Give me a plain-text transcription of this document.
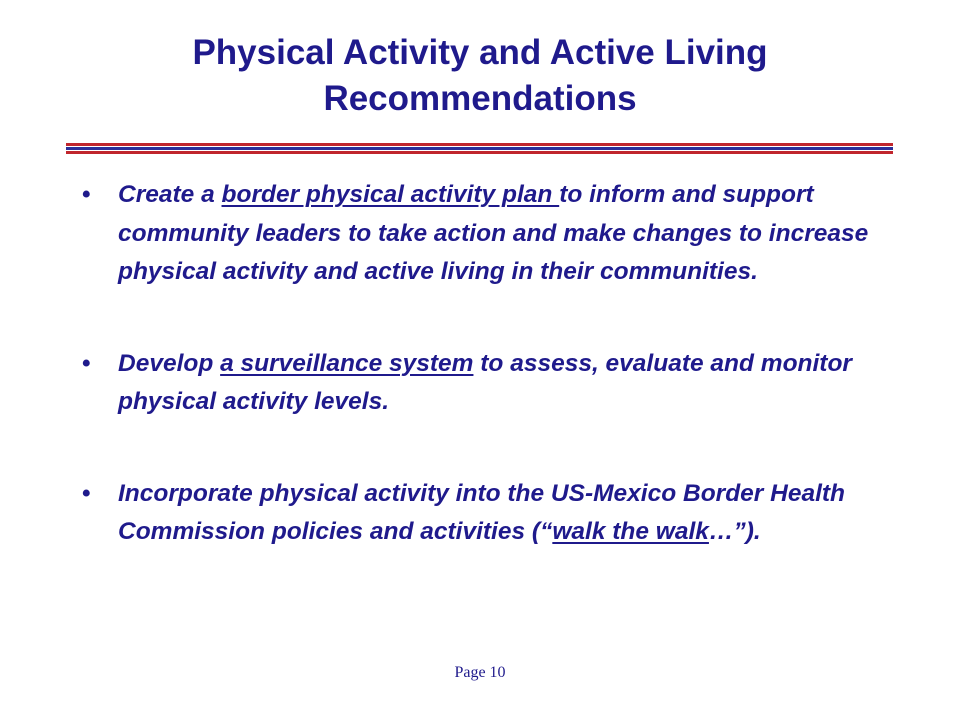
Physical Activity and Active Living Recommendations
• Create a border physical activity plan to inform and support community leaders to take action and make changes to increase physical activity and active living in their communities.
• Develop a surveillance system to assess, evaluate and monitor physical activity levels.
• Incorporate physical activity into the US-Mexico Border Health Commission policies and activities (“walk the walk…”).
Page 10
